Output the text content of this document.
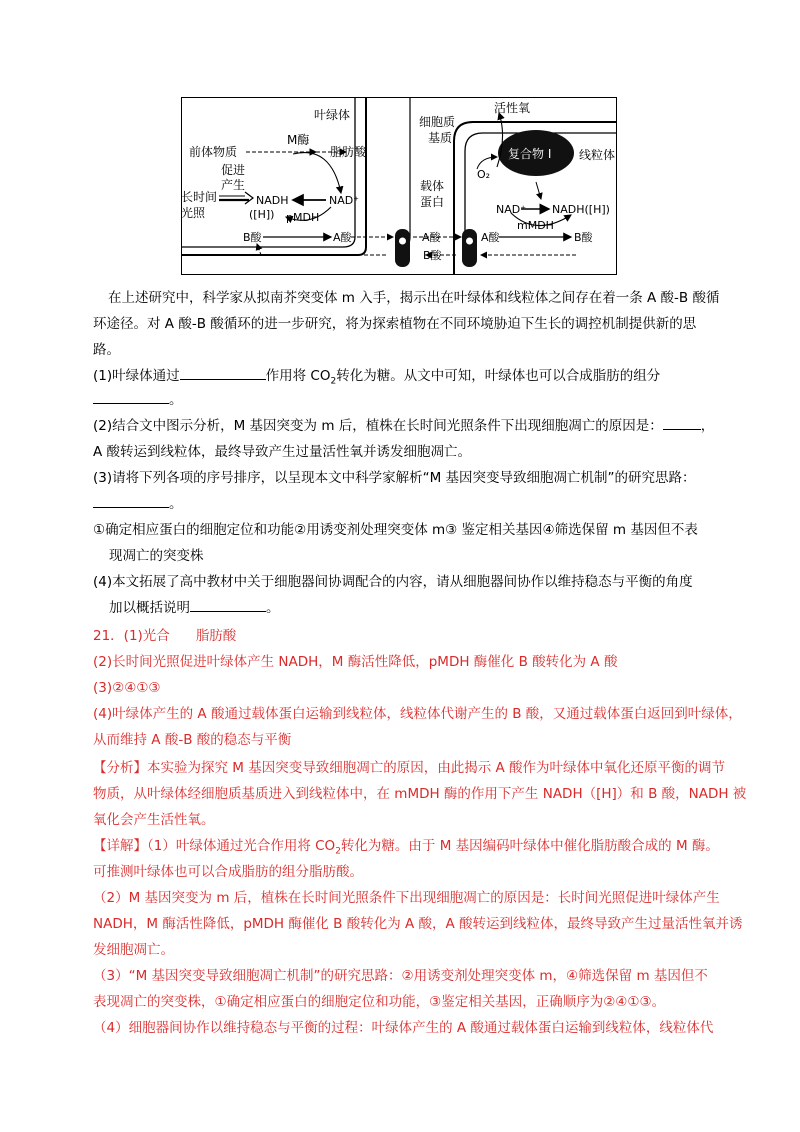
叶绿体	细胞质
基质
活性氧
复合物 I 线粒体
O₂
前体物质
M酶
脂肪酸
促进
产生
长时间
光照
NADH
([H])
NAD⁺
pMDH
B酸	A酸
载体
蛋白
A酸
B酸
A酸	B酸
NAD⁺ NADH([H])
mMDH
在上述研究中，科学家从拟南芥突变体 m 入手，揭示出在叶绿体和线粒体之间存在着一条 A 酸-B 酸循
环途径。对 A 酸-B 酸循环的进一步研究，将为探索植物在不同环境胁迫下生长的调控机制提供新的思
路。
(1)叶绿体通过	作用将 $CO_2$转化为糖。从文中可知，叶绿体也可以合成脂肪的组分
。
(2)结合文中图示分析，M 基因突变为 m 后，植株在长时间光照条件下出现细胞凋亡的原因是：	，
A 酸转运到线粒体，最终导致产生过量活性氧并诱发细胞凋亡。
(3)请将下列各项的序号排序，以呈现本文中科学家解析“M 基因突变导致细胞凋亡机制”的研究思路：
。
①确定相应蛋白的细胞定位和功能②用诱变剂处理突变体 m③ 鉴定相关基因④筛选保留 m 基因但不表
现凋亡的突变株
(4)本文拓展了高中教材中关于细胞器间协调配合的内容，请从细胞器间协作以维持稳态与平衡的角度
加以概括说明	。
21．(1)光合 脂肪酸
(2)长时间光照促进叶绿体产生 NADH，M 酶活性降低，pMDH 酶催化 B 酸转化为 A 酸
(3)②④①③
(4)叶绿体产生的 A 酸通过载体蛋白运输到线粒体，线粒体代谢产生的 B 酸，又通过载体蛋白返回到叶绿体，
从而维持 A 酸-B 酸的稳态与平衡
【分析】本实验为探究 M 基因突变导致细胞凋亡的原因，由此揭示 A 酸作为叶绿体中氧化还原平衡的调节
物质，从叶绿体经细胞质基质进入到线粒体中，在 mMDH 酶的作用下产生 NADH（[H]）和 B 酸，NADH 被
氧化会产生活性氧。
【详解】（1）叶绿体通过光合作用将 $CO_2$转化为糖。由于 M 基因编码叶绿体中催化脂肪酸合成的 M 酶。
可推测叶绿体也可以合成脂肪的组分脂肪酸。
（2）M 基因突变为 m 后，植株在长时间光照条件下出现细胞凋亡的原因是：长时间光照促进叶绿体产生
NADH，M 酶活性降低，pMDH 酶催化 B 酸转化为 A 酸，A 酸转运到线粒体，最终导致产生过量活性氧并诱
发细胞凋亡。
（3）“M 基因突变导致细胞凋亡机制”的研究思路：②用诱变剂处理突变体 m，④筛选保留 m 基因但不
表现凋亡的突变株，①确定相应蛋白的细胞定位和功能，③鉴定相关基因，正确顺序为②④①③。
（4）细胞器间协作以维持稳态与平衡的过程：叶绿体产生的 A 酸通过载体蛋白运输到线粒体，线粒体代
